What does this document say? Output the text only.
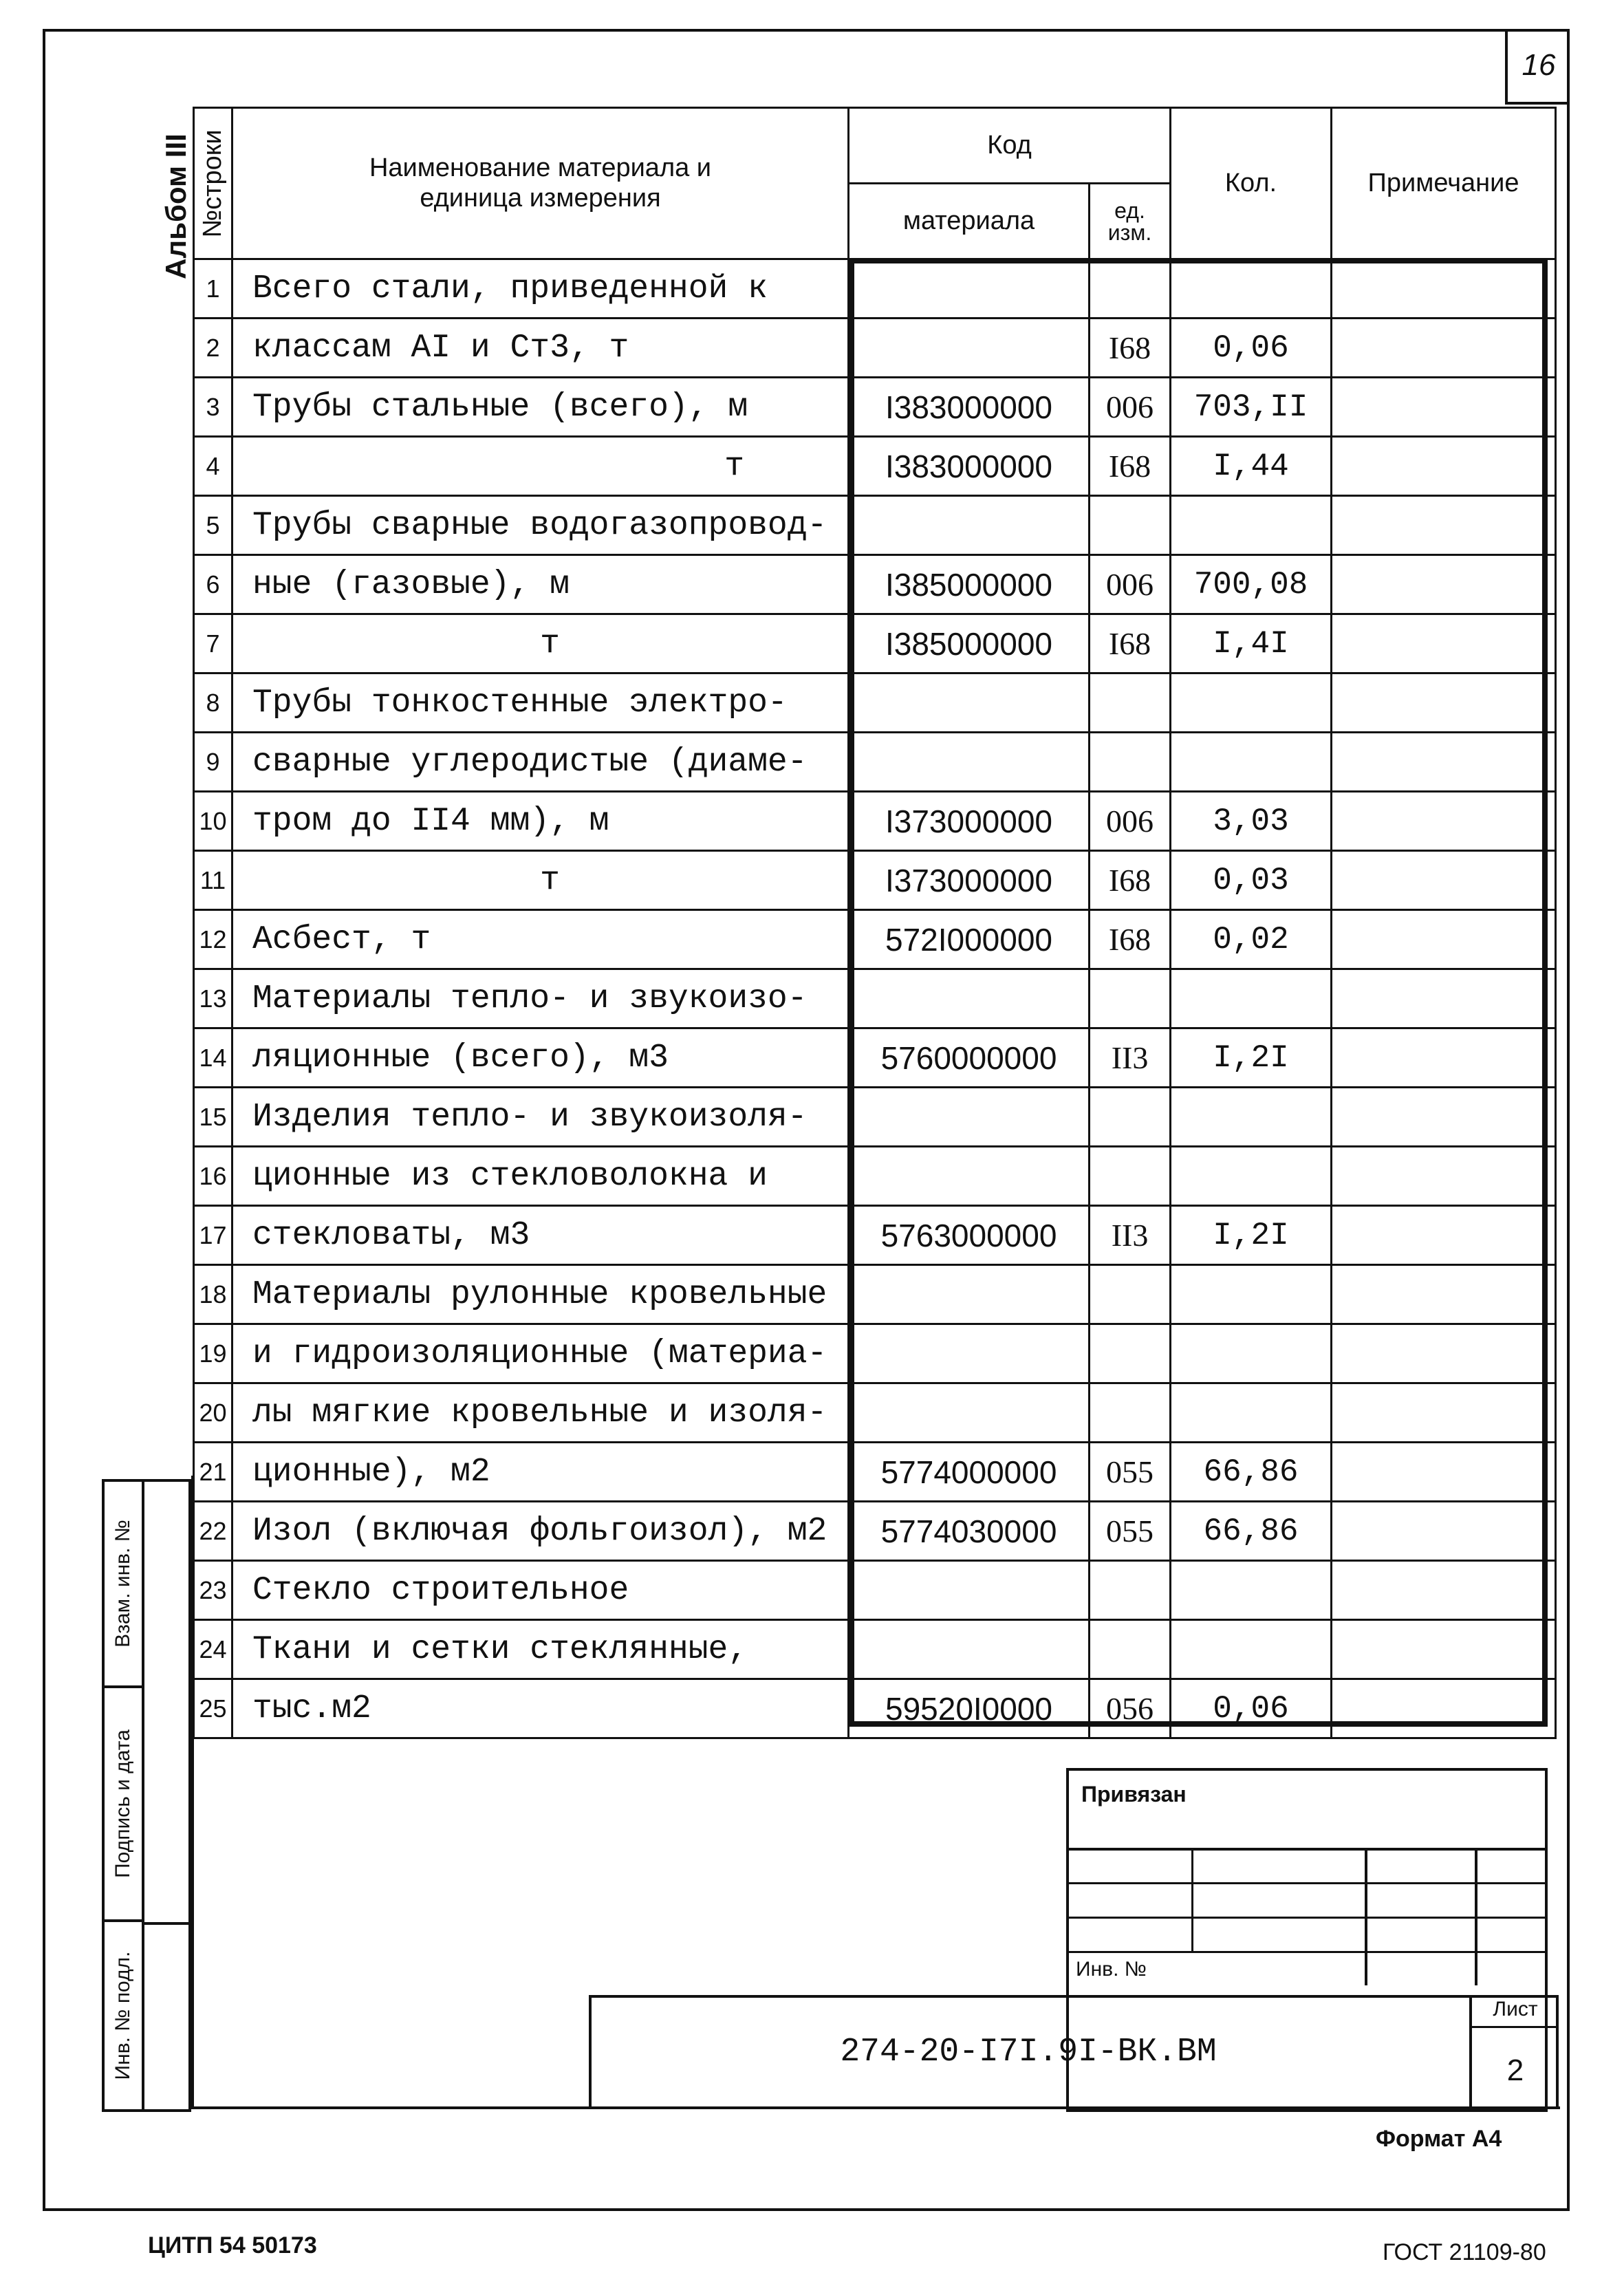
16
Альбом III №строки	Наименование материала и единица измерения	Код		Кол.	Примечание
		материала	ед. изм.		

1	Всего стали, приведенной к				
2	классам АI и Ст3, т		I68	0,06	
3	Трубы стальные (всего), м	I383000000	006	703,II	
4	т	I383000000	I68	I,44	
5	Трубы сварные водогазопровод-				
6	ные (газовые), м	I385000000	006	700,08	
7	т	I385000000	I68	I,4I	
8	Трубы тонкостенные электро-				
9	сварные углеродистые (диаме-				
10	тром до II4 мм), м	I373000000	006	3,03	
11	т	I373000000	I68	0,03	
12	Асбест, т	572I000000	I68	0,02	
13	Материалы тепло- и звукоизо-				
14	ляционные (всего), м3	5760000000	II3	I,2I	
15	Изделия тепло- и звукоизоля-				
16	ционные из стекловолокна и				
17	стекловаты, м3	5763000000	II3	I,2I	
18	Материалы рулонные кровельные				
19	и гидроизоляционные (материа-				
20	лы мягкие кровельные и изоля-				
21	ционные), м2	5774000000	055	66,86	
22	Изол (включая фольгоизол), м2	5774030000	055	66,86	
23	Стекло строительное				
24	Ткани и сетки стеклянные,				
25	тыс.м2	59520I0000	056	0,06	
Взам. инв. №
Подпись и дата
Инв. № подл.
Привязан
Инв. №
274-20-I7I.9I-ВК.ВМ
Лист
2
Формат А4
ЦИТП 54 50173	ГОСТ 21109-80
